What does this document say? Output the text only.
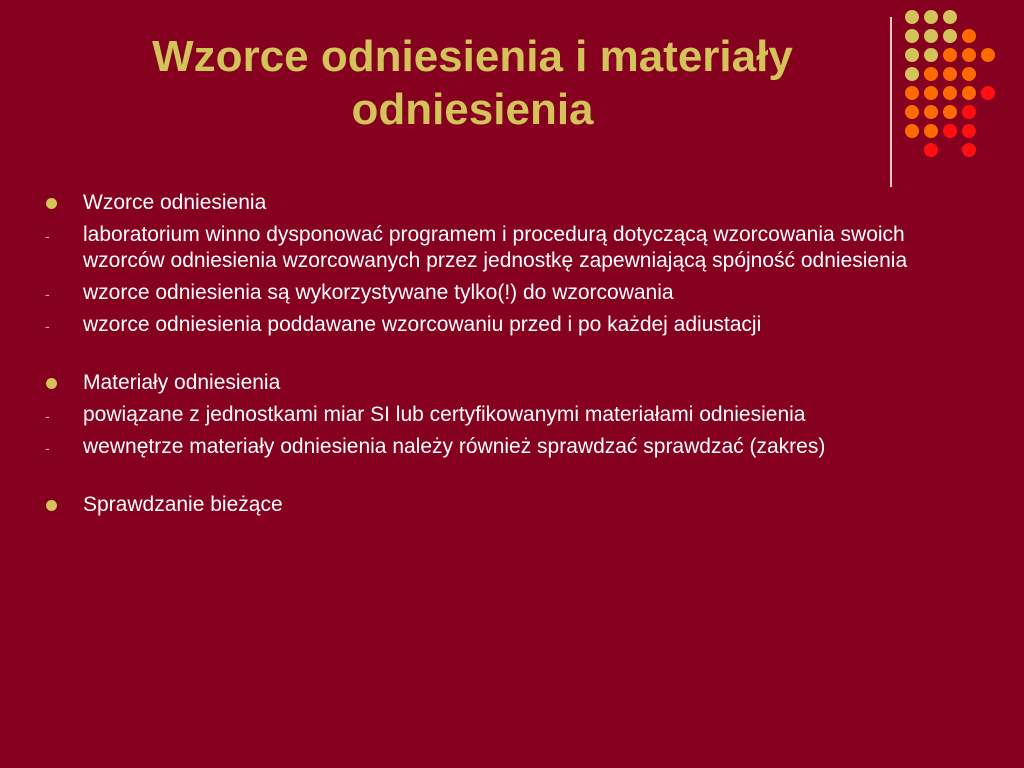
Wzorce odniesienia i materiały odniesienia
Wzorce odniesienia
-	laboratorium winno dysponować programem i procedurą dotyczącą wzorcowania swoich wzorców odniesienia wzorcowanych przez jednostkę zapewniającą spójność odniesienia
-	wzorce odniesienia są wykorzystywane tylko(!) do wzorcowania
-	wzorce odniesienia poddawane wzorcowaniu przed i po każdej adiustacji
Materiały odniesienia
-	powiązane z jednostkami miar SI lub certyfikowanymi materiałami odniesienia
-	wewnętrze materiały odniesienia należy również sprawdzać sprawdzać (zakres)
Sprawdzanie bieżące
